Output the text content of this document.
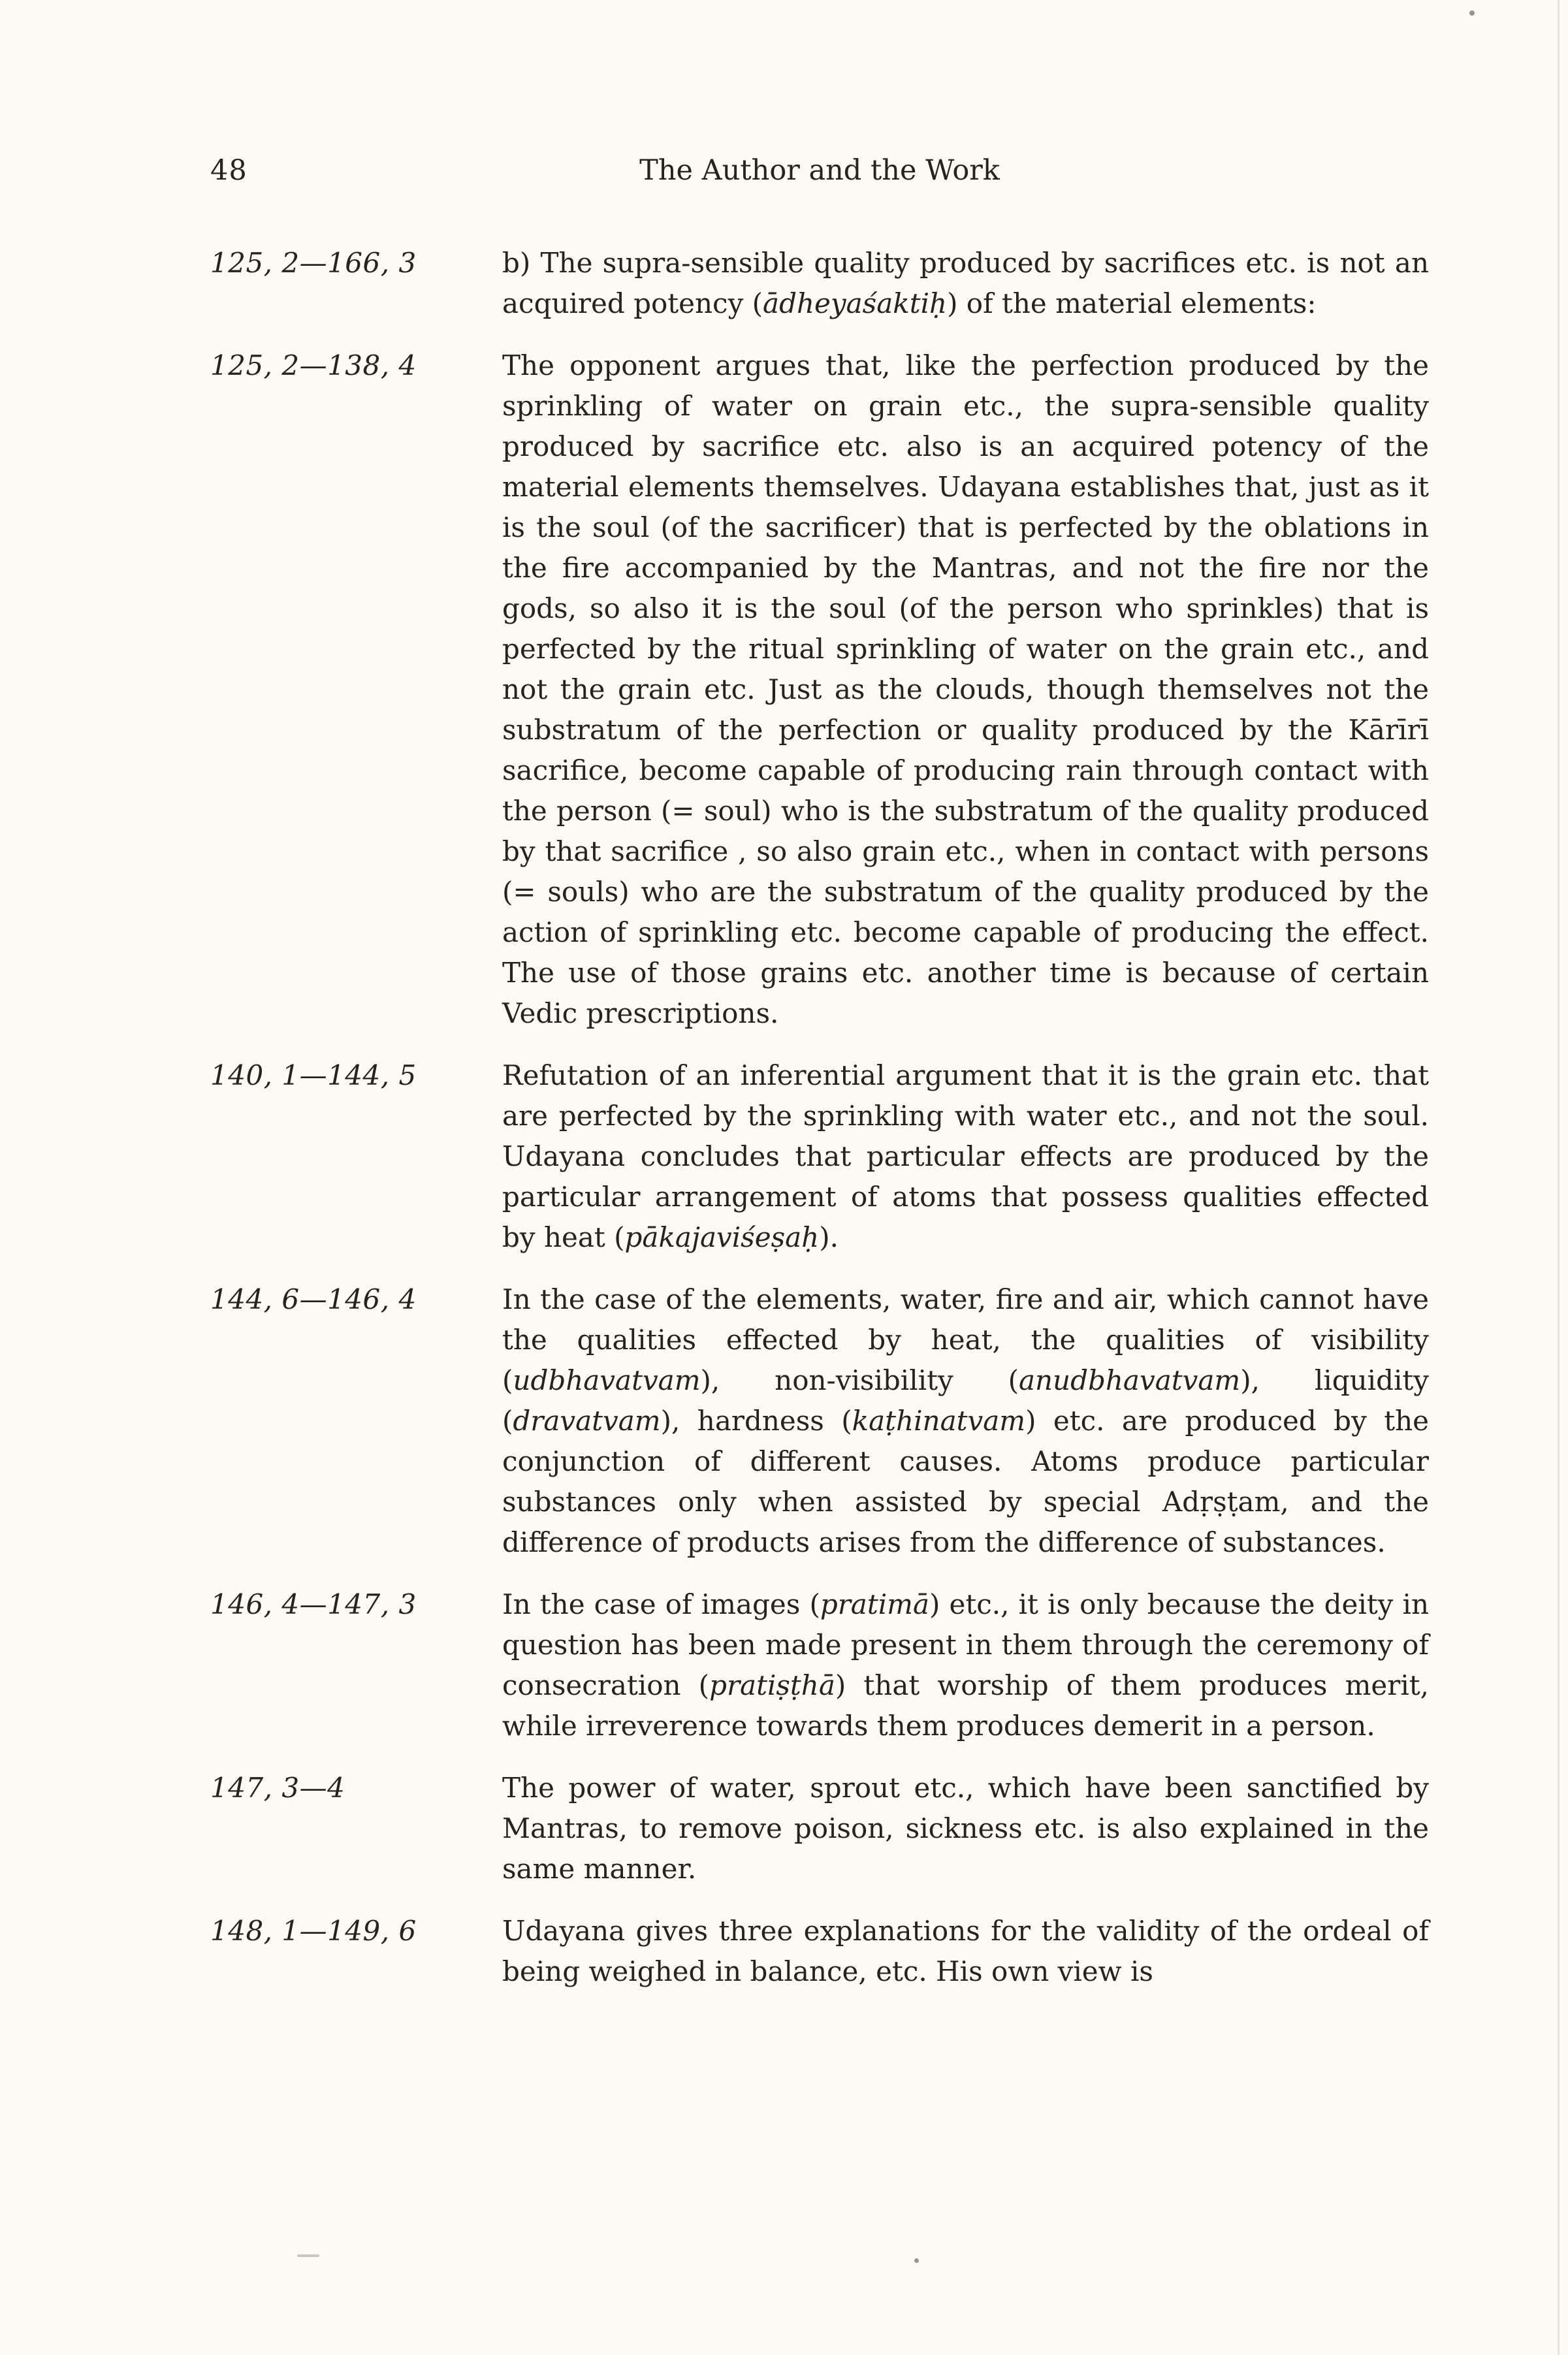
48	The Author and the Work
125, 2—166, 3	b) The supra-sensible quality produced by sacrifices etc. is not an acquired potency (ādheyaśaktiḥ) of the material elements:
125, 2—138, 4	The opponent argues that, like the perfection produced by the sprinkling of water on grain etc., the supra-sensible quality produced by sacrifice etc. also is an acquired potency of the material elements themselves. Udayana establishes that, just as it is the soul (of the sacrificer) that is perfected by the oblations in the fire accompanied by the Mantras, and not the fire nor the gods, so also it is the soul (of the person who sprinkles) that is perfected by the ritual sprinkling of water on the grain etc., and not the grain etc. Just as the clouds, though themselves not the substratum of the perfection or quality produced by the Kārīrī sacrifice, become capable of producing rain through contact with the person (= soul) who is the substratum of the quality produced by that sacrifice , so also grain etc., when in contact with persons (= souls) who are the substratum of the quality produced by the action of sprinkling etc. become capable of producing the effect. The use of those grains etc. another time is because of certain Vedic prescriptions.
140, 1—144, 5	Refutation of an inferential argument that it is the grain etc. that are perfected by the sprinkling with water etc., and not the soul. Udayana concludes that particular effects are produced by the particular arrangement of atoms that possess qualities effected by heat (pākajaviśeṣaḥ).
144, 6—146, 4	In the case of the elements, water, fire and air, which cannot have the qualities effected by heat, the qualities of visibility (udbhavatvam), non-visibility (anudbhavatvam), liquidity (dravatvam), hardness (kaṭhinatvam) etc. are produced by the conjunction of different causes. Atoms produce particular substances only when assisted by special Adṛṣṭam, and the difference of products arises from the difference of substances.
146, 4—147, 3	In the case of images (pratimā) etc., it is only because the deity in question has been made present in them through the ceremony of consecration (pratiṣṭhā) that worship of them produces merit, while irreverence towards them produces demerit in a person.
147, 3—4	The power of water, sprout etc., which have been sanctified by Mantras, to remove poison, sickness etc. is also explained in the same manner.
148, 1—149, 6	Udayana gives three explanations for the validity of the ordeal of being weighed in balance, etc. His own view is
